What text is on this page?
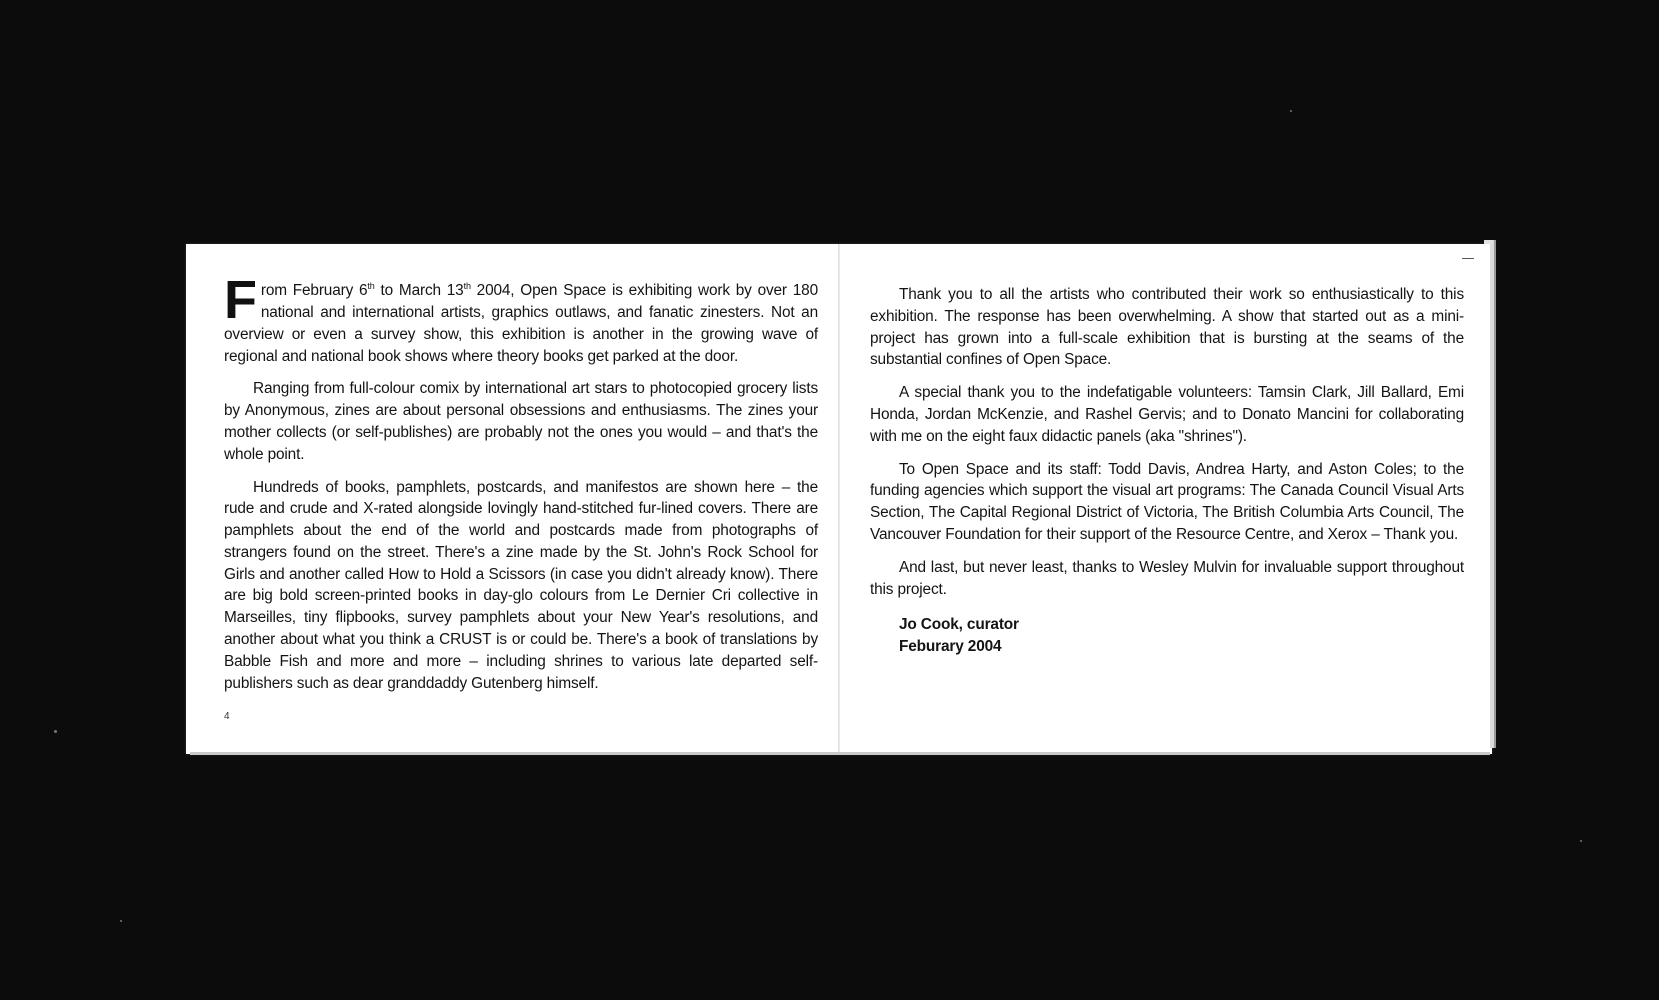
From February 6th to March 13th 2004, Open Space is exhibiting work by over 180 national and international artists, graphics outlaws, and fanatic zinesters. Not an overview or even a survey show, this exhibition is another in the growing wave of regional and national book shows where theory books get parked at the door.

Ranging from full-colour comix by international art stars to photocopied grocery lists by Anonymous, zines are about personal obsessions and enthusiasms. The zines your mother collects (or self-publishes) are probably not the ones you would – and that's the whole point.

Hundreds of books, pamphlets, postcards, and manifestos are shown here – the rude and crude and X-rated alongside lovingly hand-stitched fur-lined covers. There are pamphlets about the end of the world and postcards made from photographs of strangers found on the street. There's a zine made by the St. John's Rock School for Girls and another called How to Hold a Scissors (in case you didn't already know). There are big bold screen-printed books in day-glo colours from Le Dernier Cri collective in Marseilles, tiny flipbooks, survey pamphlets about your New Year's resolutions, and another about what you think a CRUST is or could be. There's a book of translations by Babble Fish and more and more – including shrines to various late departed self-publishers such as dear granddaddy Gutenberg himself.

4

Thank you to all the artists who contributed their work so enthusiastically to this exhibition. The response has been overwhelming. A show that started out as a mini-project has grown into a full-scale exhibition that is bursting at the seams of the substantial confines of Open Space.

A special thank you to the indefatigable volunteers: Tamsin Clark, Jill Ballard, Emi Honda, Jordan McKenzie, and Rashel Gervis; and to Donato Mancini for collaborating with me on the eight faux didactic panels (aka "shrines").

To Open Space and its staff: Todd Davis, Andrea Harty, and Aston Coles; to the funding agencies which support the visual art programs: The Canada Council Visual Arts Section, The Capital Regional District of Victoria, The British Columbia Arts Council, The Vancouver Foundation for their support of the Resource Centre, and Xerox – Thank you.

And last, but never least, thanks to Wesley Mulvin for invaluable support throughout this project.

Jo Cook, curator
Feburary 2004
